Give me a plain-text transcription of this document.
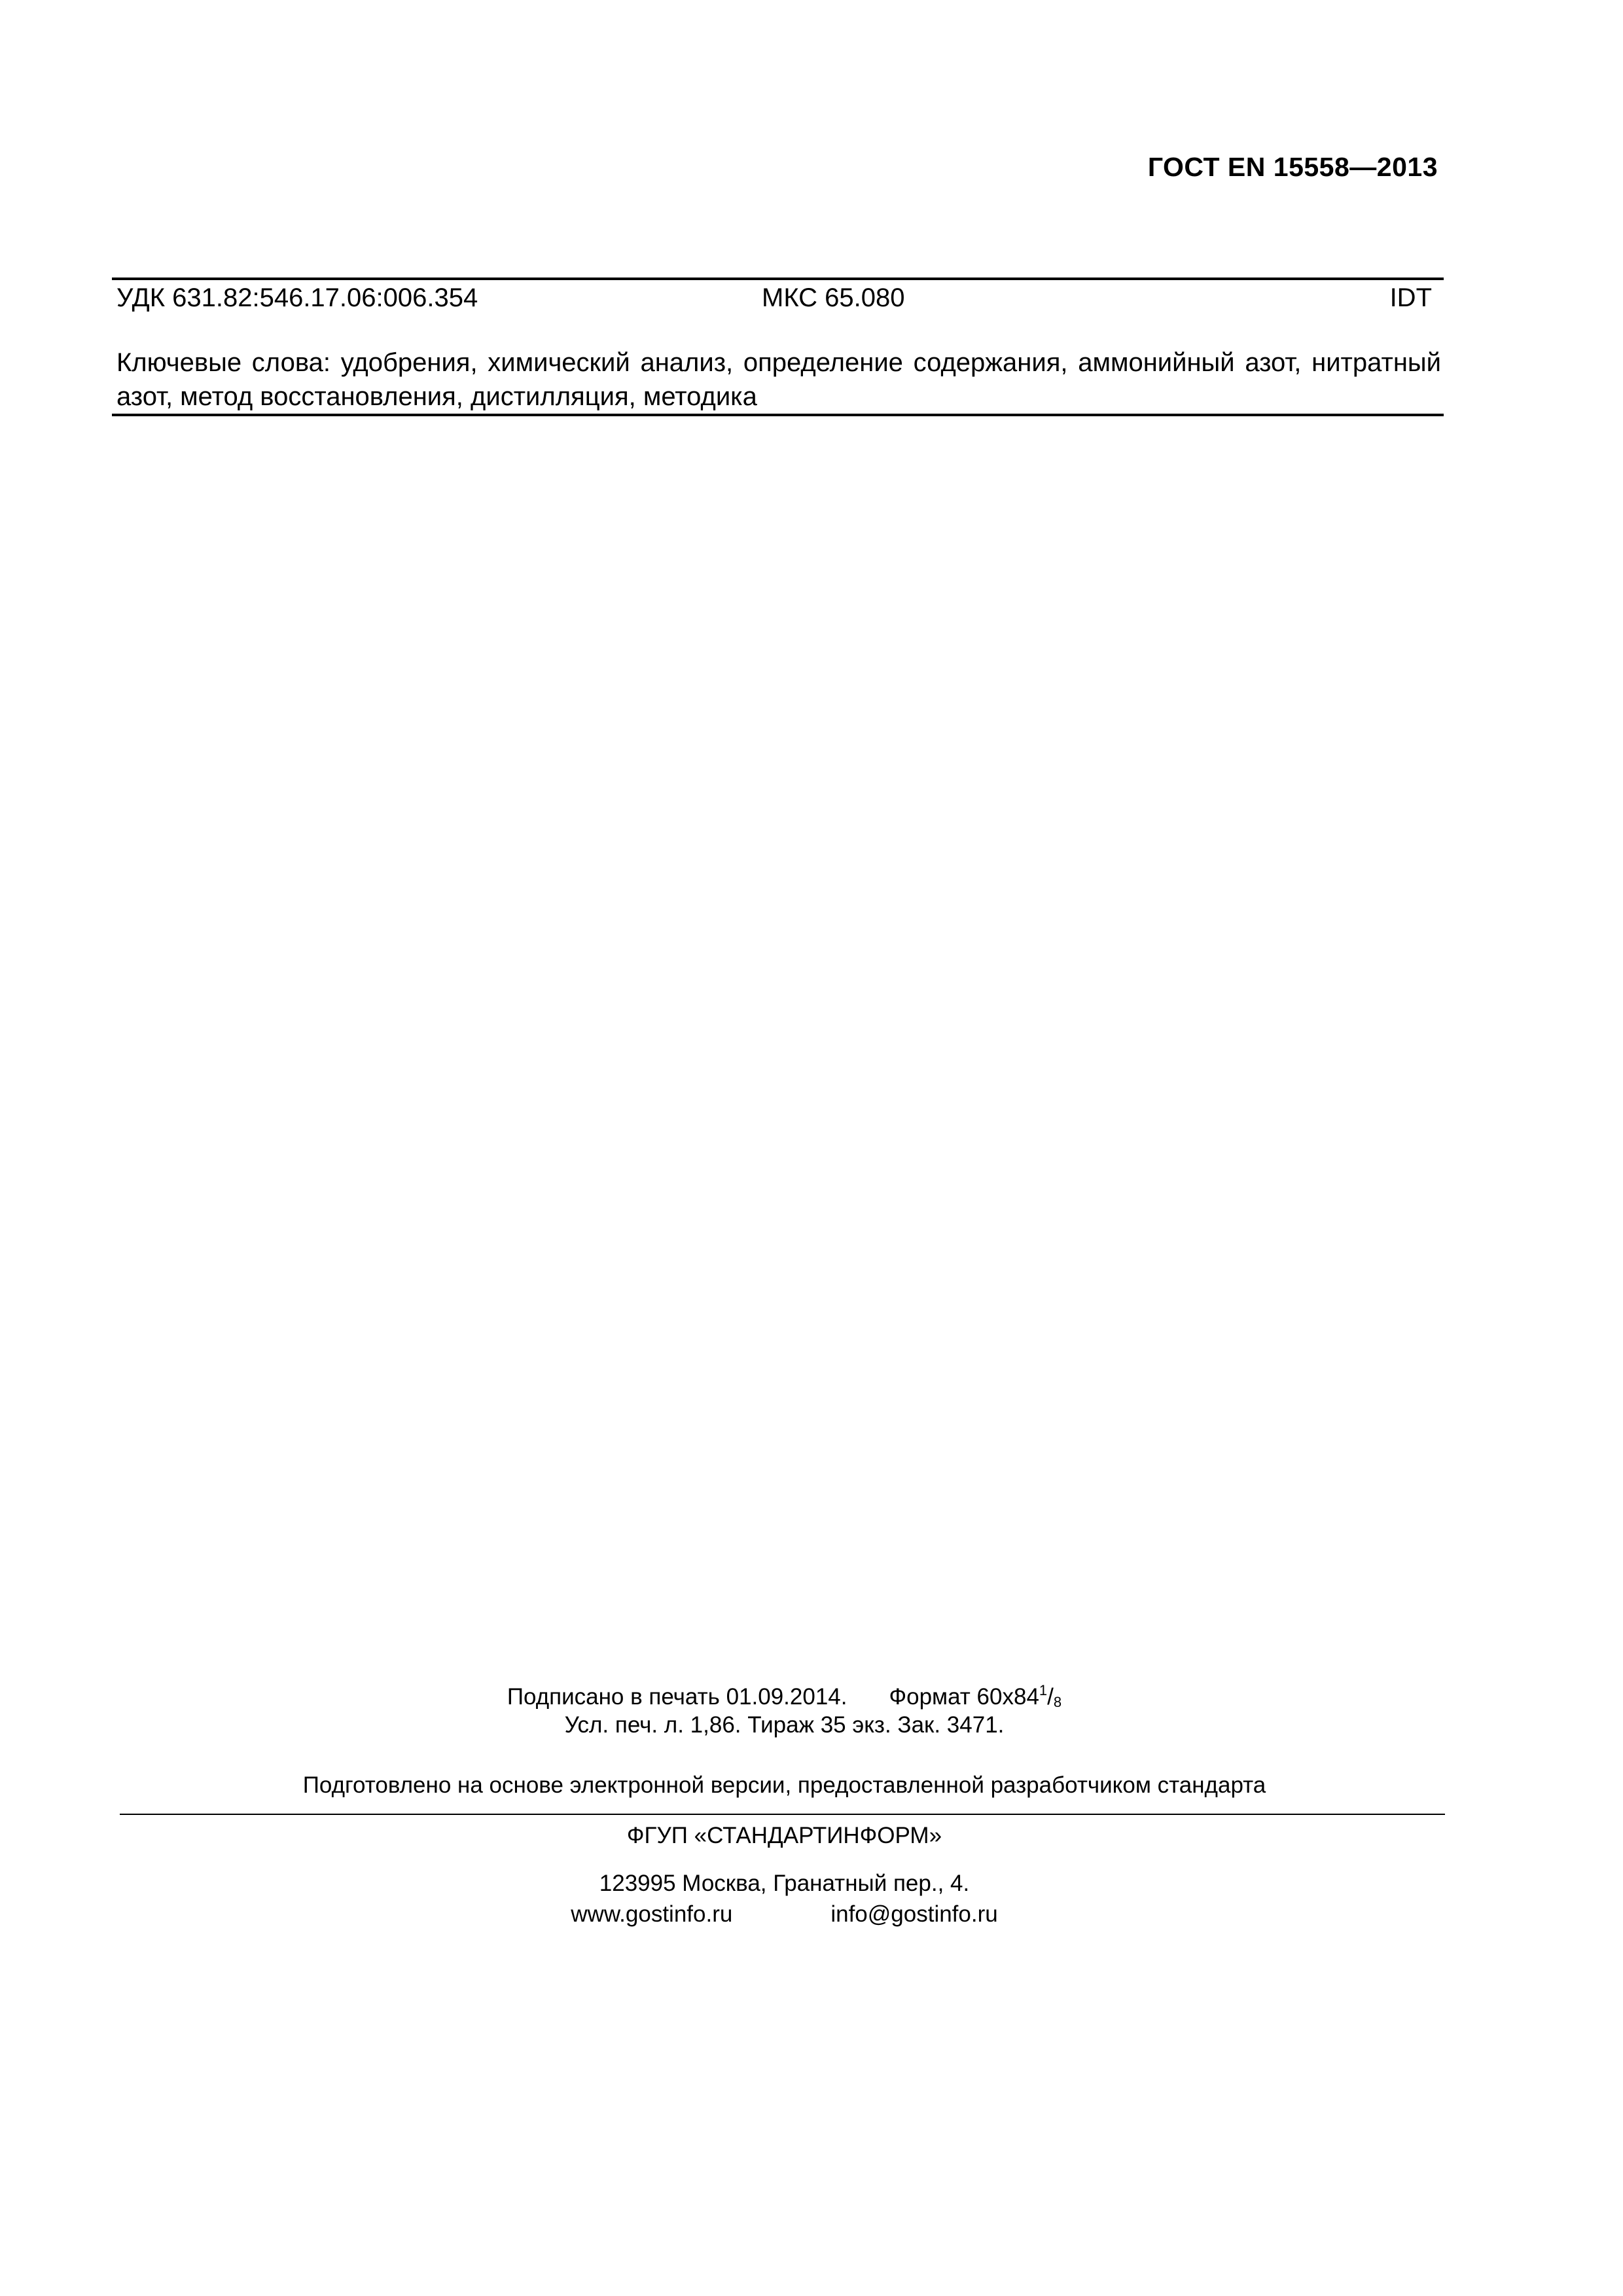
ГОСТ EN 15558—2013
УДК 631.82:546.17.06:006.354	МКС 65.080	IDT
Ключевые слова: удобрения, химический анализ, определение содержания, аммонийный азот, нитратный азот, метод восстановления, дистилляция, методика
Подписано в печать 01.09.2014. Формат $60x84^1/_8$
Усл. печ. л. 1,86. Тираж 35 экз. Зак. 3471.
Подготовлено на основе электронной версии, предоставленной разработчиком стандарта
ФГУП «СТАНДАРТИНФОРМ»
123995 Москва, Гранатный пер., 4.
www.gostinfo.ru	info@gostinfo.ru
